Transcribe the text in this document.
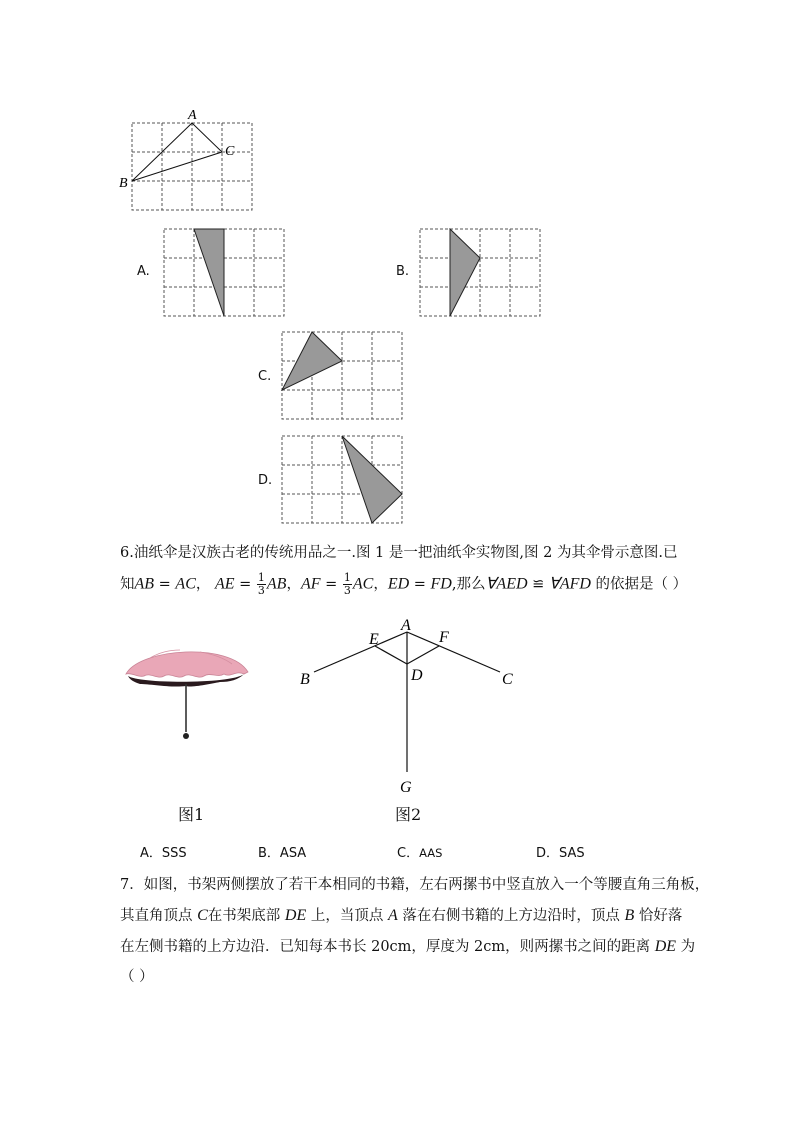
A
B
C
A.	B.
C.
D.
6.油纸伞是汉族古老的传统用品之一.图 1 是一把油纸伞实物图,图 2 为其伞骨示意图.已
知AB = AC， AE = $\frac{1}{3}$ AB，AF = $\frac{1}{3}$ AC，ED = FD,那么∀AED ≌ ∀AFD 的依据是（ ）
A
B	C
D
E	F
G
图1	图2
A．SSS	B．ASA	C．AAS	D．SAS
7．如图，书架两侧摆放了若干本相同的书籍，左右两摞书中竖直放入一个等腰直角三角板，
其直角顶点 C在书架底部 DE 上，当顶点 A 落在右侧书籍的上方边沿时，顶点 B 恰好落
在左侧书籍的上方边沿．已知每本书长 20cm，厚度为 2cm，则两摞书之间的距离 DE 为
（ ）
